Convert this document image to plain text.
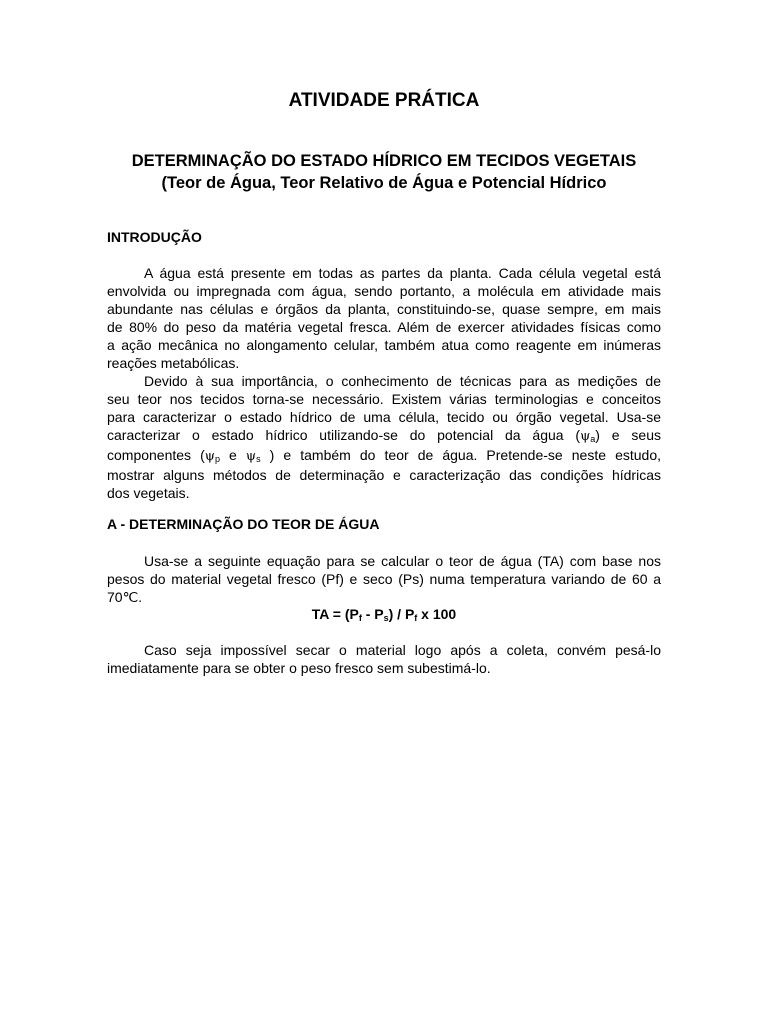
ATIVIDADE PRÁTICA
DETERMINAÇÃO DO ESTADO HÍDRICO EM TECIDOS VEGETAIS
(Teor de Água, Teor Relativo de Água e Potencial Hídrico
INTRODUÇÃO
A água está presente em todas as partes da planta. Cada célula vegetal está
envolvida ou impregnada com água, sendo portanto, a molécula em atividade mais
abundante nas células e órgãos da planta, constituindo-se, quase sempre, em mais
de 80% do peso da matéria vegetal fresca. Além de exercer atividades físicas como
a ação mecânica no alongamento celular, também atua como reagente em inúmeras
reações metabólicas.
Devido à sua importância, o conhecimento de técnicas para as medições de
seu teor nos tecidos torna-se necessário. Existem várias terminologias e conceitos
para caracterizar o estado hídrico de uma célula, tecido ou órgão vegetal. Usa-se
caracterizar o estado hídrico utilizando-se do potencial da água $(\psi_a)$ e seus
componentes ($\psi_p$ e $\psi_s$ ) e também do teor de água. Pretende-se neste estudo,
mostrar alguns métodos de determinação e caracterização das condições hídricas
dos vegetais.
A - DETERMINAÇÃO DO TEOR DE ÁGUA
Usa-se a seguinte equação para se calcular o teor de água (TA) com base nos
pesos do material vegetal fresco (Pf) e seco (Ps) numa temperatura variando de 60 a
70℃.
TA = $(P_f - P_s) / P_f$ x 100
Caso seja impossível secar o material logo após a coleta, convém pesá-lo
imediatamente para se obter o peso fresco sem subestimá-lo.
